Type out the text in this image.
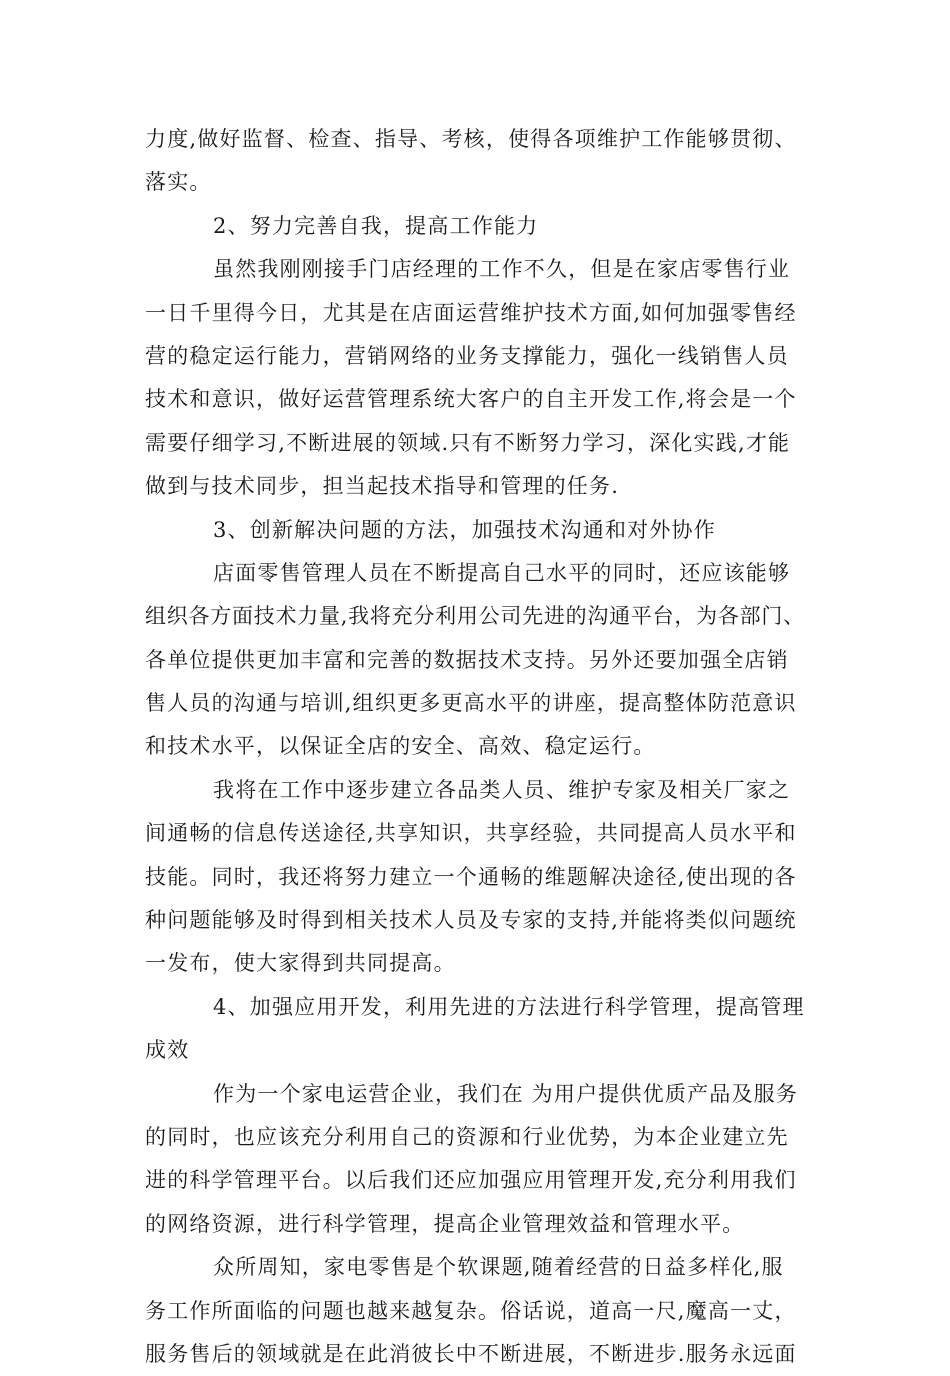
力度,做好监督、检查、指导、考核，使得各项维护工作能够贯彻、
落实。
2、努力完善自我，提高工作能力
虽然我刚刚接手门店经理的工作不久，但是在家店零售行业
一日千里得今日，尤其是在店面运营维护技术方面,如何加强零售经
营的稳定运行能力，营销网络的业务支撑能力，强化一线销售人员
技术和意识，做好运营管理系统大客户的自主开发工作,将会是一个
需要仔细学习,不断进展的领域.只有不断努力学习，深化实践,才能
做到与技术同步，担当起技术指导和管理的任务.
3、创新解决问题的方法，加强技术沟通和对外协作
店面零售管理人员在不断提高自己水平的同时，还应该能够
组织各方面技术力量,我将充分利用公司先进的沟通平台，为各部门、
各单位提供更加丰富和完善的数据技术支持。另外还要加强全店销
售人员的沟通与培训,组织更多更高水平的讲座，提高整体防范意识
和技术水平，以保证全店的安全、高效、稳定运行。
我将在工作中逐步建立各品类人员、维护专家及相关厂家之
间通畅的信息传送途径,共享知识，共享经验，共同提高人员水平和
技能。同时，我还将努力建立一个通畅的维题解决途径,使出现的各
种问题能够及时得到相关技术人员及专家的支持,并能将类似问题统
一发布，使大家得到共同提高。
4、加强应用开发，利用先进的方法进行科学管理，提高管理
成效
作为一个家电运营企业，我们在 为用户提供优质产品及服务
的同时，也应该充分利用自己的资源和行业优势，为本企业建立先
进的科学管理平台。以后我们还应加强应用管理开发,充分利用我们
的网络资源，进行科学管理，提高企业管理效益和管理水平。
众所周知，家电零售是个软课题,随着经营的日益多样化,服
务工作所面临的问题也越来越复杂。俗话说，道高一尺,魔高一丈，
服务售后的领域就是在此消彼长中不断进展，不断进步.服务永远面
